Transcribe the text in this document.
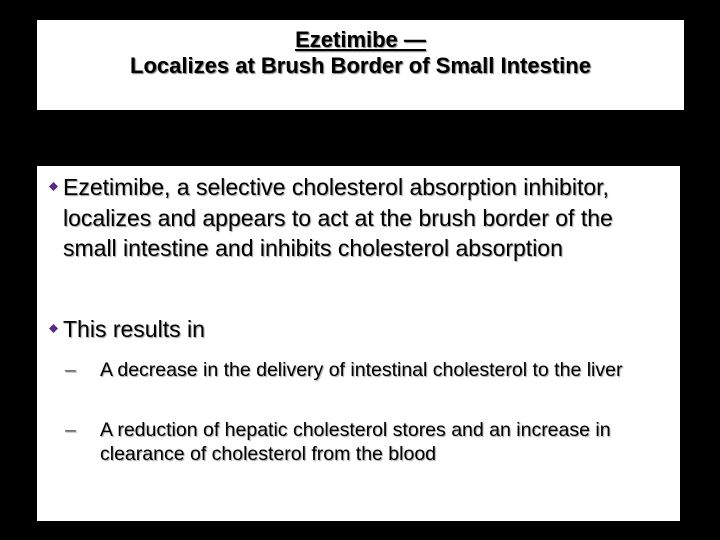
Ezetimibe —
Localizes at Brush Border of Small Intestine
Ezetimibe, a selective cholesterol absorption inhibitor, localizes and appears to act at the brush border of the small intestine and inhibits cholesterol absorption
This results in
–	A decrease in the delivery of intestinal cholesterol to the liver
–	A reduction of hepatic cholesterol stores and an increase in clearance of cholesterol from the blood
